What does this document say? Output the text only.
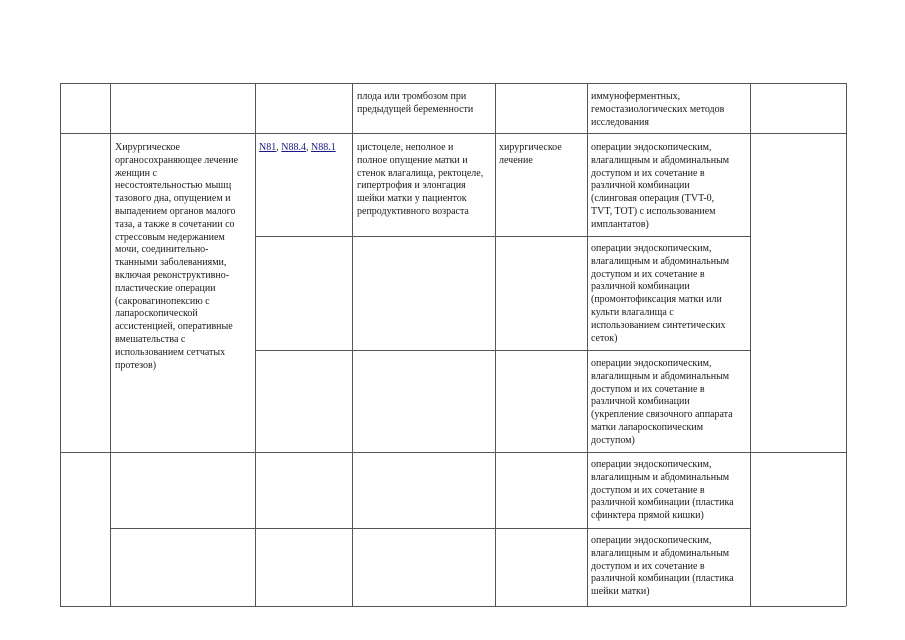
плода или тромбозом при
предыдущей беременности
иммуноферментных,
гемостазиологических методов
исследования
Хирургическое
органосохраняющее лечение
женщин с
несостоятельностью мышц
тазового дна, опущением и
выпадением органов малого
таза, а также в сочетании со
стрессовым недержанием
мочи, соединительно-
тканными заболеваниями,
включая реконструктивно-
пластические операции
(сакровагинопексию с
лапароскопической
ассистенцией, оперативные
вмешательства с
использованием сетчатых
протезов)
N81, N88.4, N88.1 цистоцеле, неполное и
полное опущение матки и
стенок влагалища, ректоцеле,
гипертрофия и элонгация
шейки матки у пациенток
репродуктивного возраста
хирургическое
лечение
операции эндоскопическим,
влагалищным и абдоминальным
доступом и их сочетание в
различной комбинации
(слинговая операция (TVT-0,
TVT, TOT) с использованием
имплантатов)
операции эндоскопическим,
влагалищным и абдоминальным
доступом и их сочетание в
различной комбинации
(промонтофиксация матки или
культи влагалища с
использованием синтетических
сеток)
операции эндоскопическим,
влагалищным и абдоминальным
доступом и их сочетание в
различной комбинации
(укрепление связочного аппарата
матки лапароскопическим
доступом)
операции эндоскопическим,
влагалищным и абдоминальным
доступом и их сочетание в
различной комбинации (пластика
сфинктера прямой кишки)
операции эндоскопическим,
влагалищным и абдоминальным
доступом и их сочетание в
различной комбинации (пластика
шейки матки)
